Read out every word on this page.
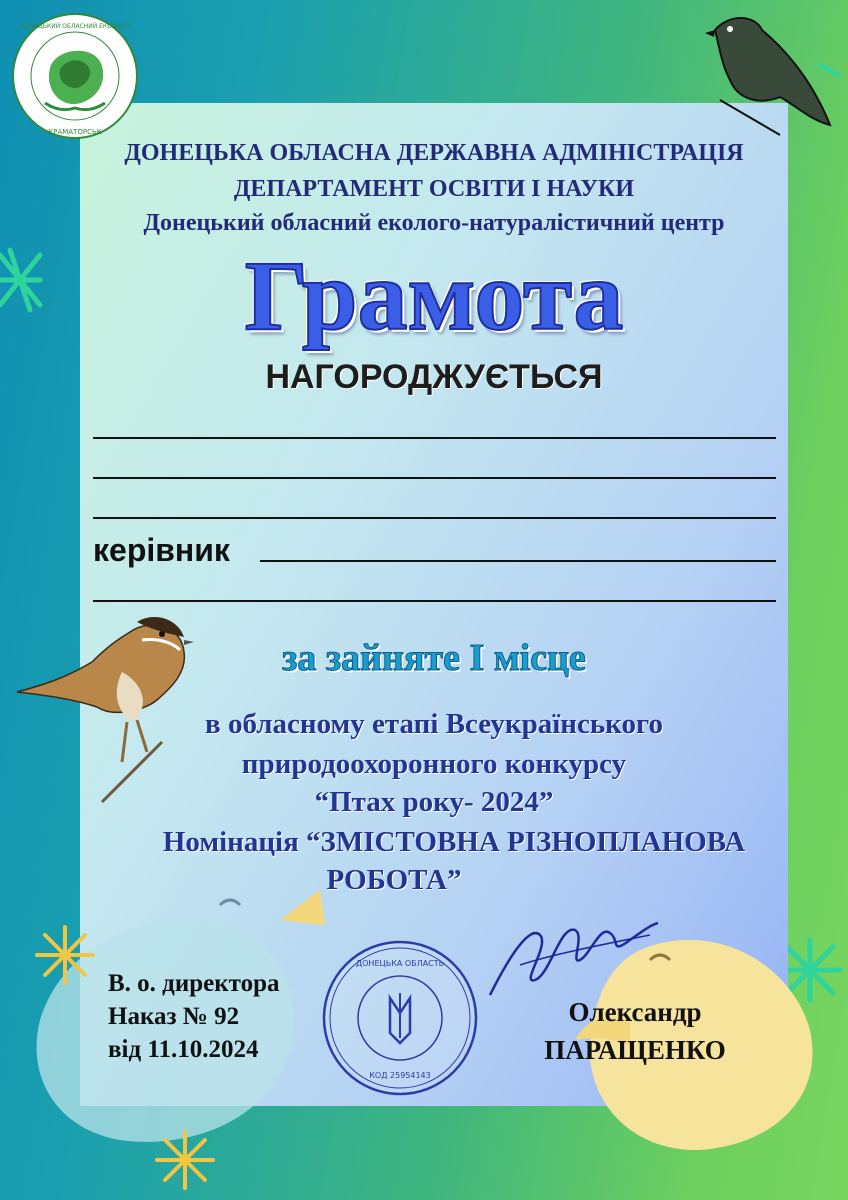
ДОНЕЦЬКИЙ ОБЛАСНИЙ ЕКОЛОГО
КРАМАТОРСЬК
ДОНЕЦЬКА ОБЛАСНА ДЕРЖАВНА АДМІНІСТРАЦІЯ
ДЕПАРТАМЕНТ ОСВІТИ І НАУКИ
Донецький обласний еколого-натуралістичний центр
Грамота
НАГОРОДЖУЄТЬСЯ
керівник
за зайняте І місце
в обласному етапі Всеукраїнського
природоохоронного конкурсу
“Птах року- 2024”
Номінація “ЗМІСТОВНА РІЗНОПЛАНОВА
РОБОТА”
ДОНЕЦЬКА ОБЛАСТЬ
КОД 25954143
В. о. директора
Наказ № 92
від 11.10.2024
Олександр
ПАРАЩЕНКО
